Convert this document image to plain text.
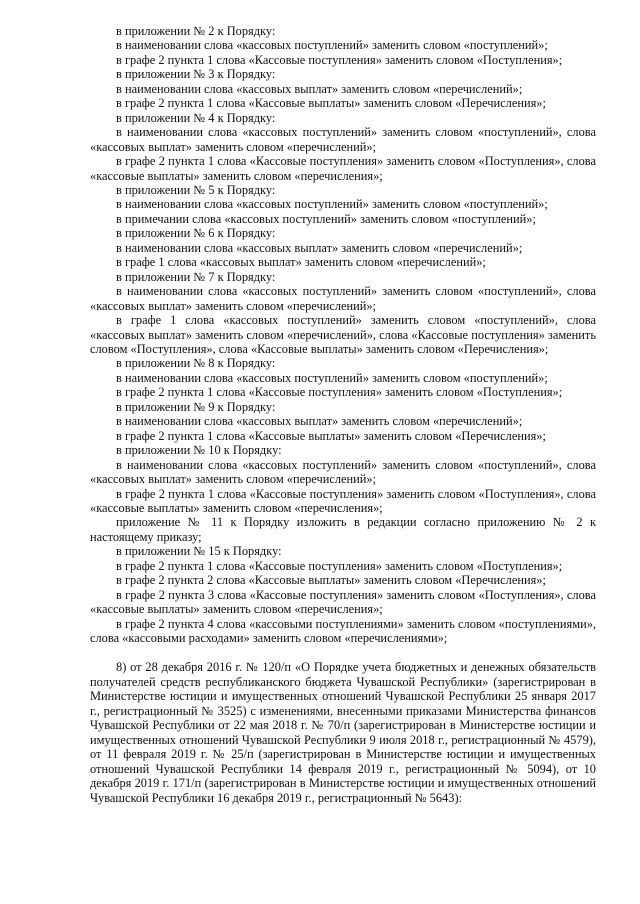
в приложении № 2 к Порядку:

в наименовании слова «кассовых поступлений» заменить словом «поступлений»;

в графе 2 пункта 1 слова «Кассовые поступления» заменить словом «Поступления»;

в приложении № 3 к Порядку:

в наименовании слова «кассовых выплат» заменить словом «перечислений»;

в графе 2 пункта 1 слова «Кассовые выплаты» заменить словом «Перечисления»;

в приложении № 4 к Порядку:

в наименовании слова «кассовых поступлений» заменить словом «поступлений», слова «кассовых выплат» заменить словом «перечислений»;

в графе 2 пункта 1 слова «Кассовые поступления» заменить словом «Поступления», слова «кассовые выплаты» заменить словом «перечисления»;

в приложении № 5 к Порядку:

в наименовании слова «кассовых поступлений» заменить словом «поступлений»;

в примечании слова «кассовых поступлений» заменить словом «поступлений»;

в приложении № 6 к Порядку:

в наименовании слова «кассовых выплат» заменить словом «перечислений»;

в графе 1 слова «кассовых выплат» заменить словом «перечислений»;

в приложении № 7 к Порядку:

в наименовании слова «кассовых поступлений» заменить словом «поступлений», слова «кассовых выплат» заменить словом «перечислений»;

в графе 1 слова «кассовых поступлений» заменить словом «поступлений», слова «кассовых выплат» заменить словом «перечислений», слова «Кассовые поступления» заменить словом «Поступления», слова «Кассовые выплаты» заменить словом «Перечисления»;

в приложении № 8 к Порядку:

в наименовании слова «кассовых поступлений» заменить словом «поступлений»;

в графе 2 пункта 1 слова «Кассовые поступления» заменить словом «Поступления»;

в приложении № 9 к Порядку:

в наименовании слова «кассовых выплат» заменить словом «перечислений»;

в графе 2 пункта 1 слова «Кассовые выплаты» заменить словом «Перечисления»;

в приложении № 10 к Порядку:

в наименовании слова «кассовых поступлений» заменить словом «поступлений», слова «кассовых выплат» заменить словом «перечислений»;

в графе 2 пункта 1 слова «Кассовые поступления» заменить словом «Поступления», слова «кассовые выплаты» заменить словом «перечисления»;

приложение № 11 к Порядку изложить в редакции согласно приложению № 2 к настоящему приказу;

в приложении № 15 к Порядку:

в графе 2 пункта 1 слова «Кассовые поступления» заменить словом «Поступления»;

в графе 2 пункта 2 слова «Кассовые выплаты» заменить словом «Перечисления»;

в графе 2 пункта 3 слова «Кассовые поступления» заменить словом «Поступления», слова «кассовые выплаты» заменить словом «перечисления»;

в графе 2 пункта 4 слова «кассовыми поступлениями» заменить словом «поступлениями», слова «кассовыми расходами» заменить словом «перечислениями»;

8) от 28 декабря 2016 г. № 120/п «О Порядке учета бюджетных и денежных обязательств получателей средств республиканского бюджета Чувашской Республики» (зарегистрирован в Министерстве юстиции и имущественных отношений Чувашской Республики 25 января 2017 г., регистрационный № 3525) с изменениями, внесенными приказами Министерства финансов Чувашской Республики от 22 мая 2018 г. № 70/п (зарегистрирован в Министерстве юстиции и имущественных отношений Чувашской Республики 9 июля 2018 г., регистрационный № 4579), от 11 февраля 2019 г. № 25/п (зарегистрирован в Министерстве юстиции и имущественных отношений Чувашской Республики 14 февраля 2019 г., регистрационный № 5094), от 10 декабря 2019 г. 171/п (зарегистрирован в Министерстве юстиции и имущественных отношений Чувашской Республики 16 декабря 2019 г., регистрационный № 5643):
